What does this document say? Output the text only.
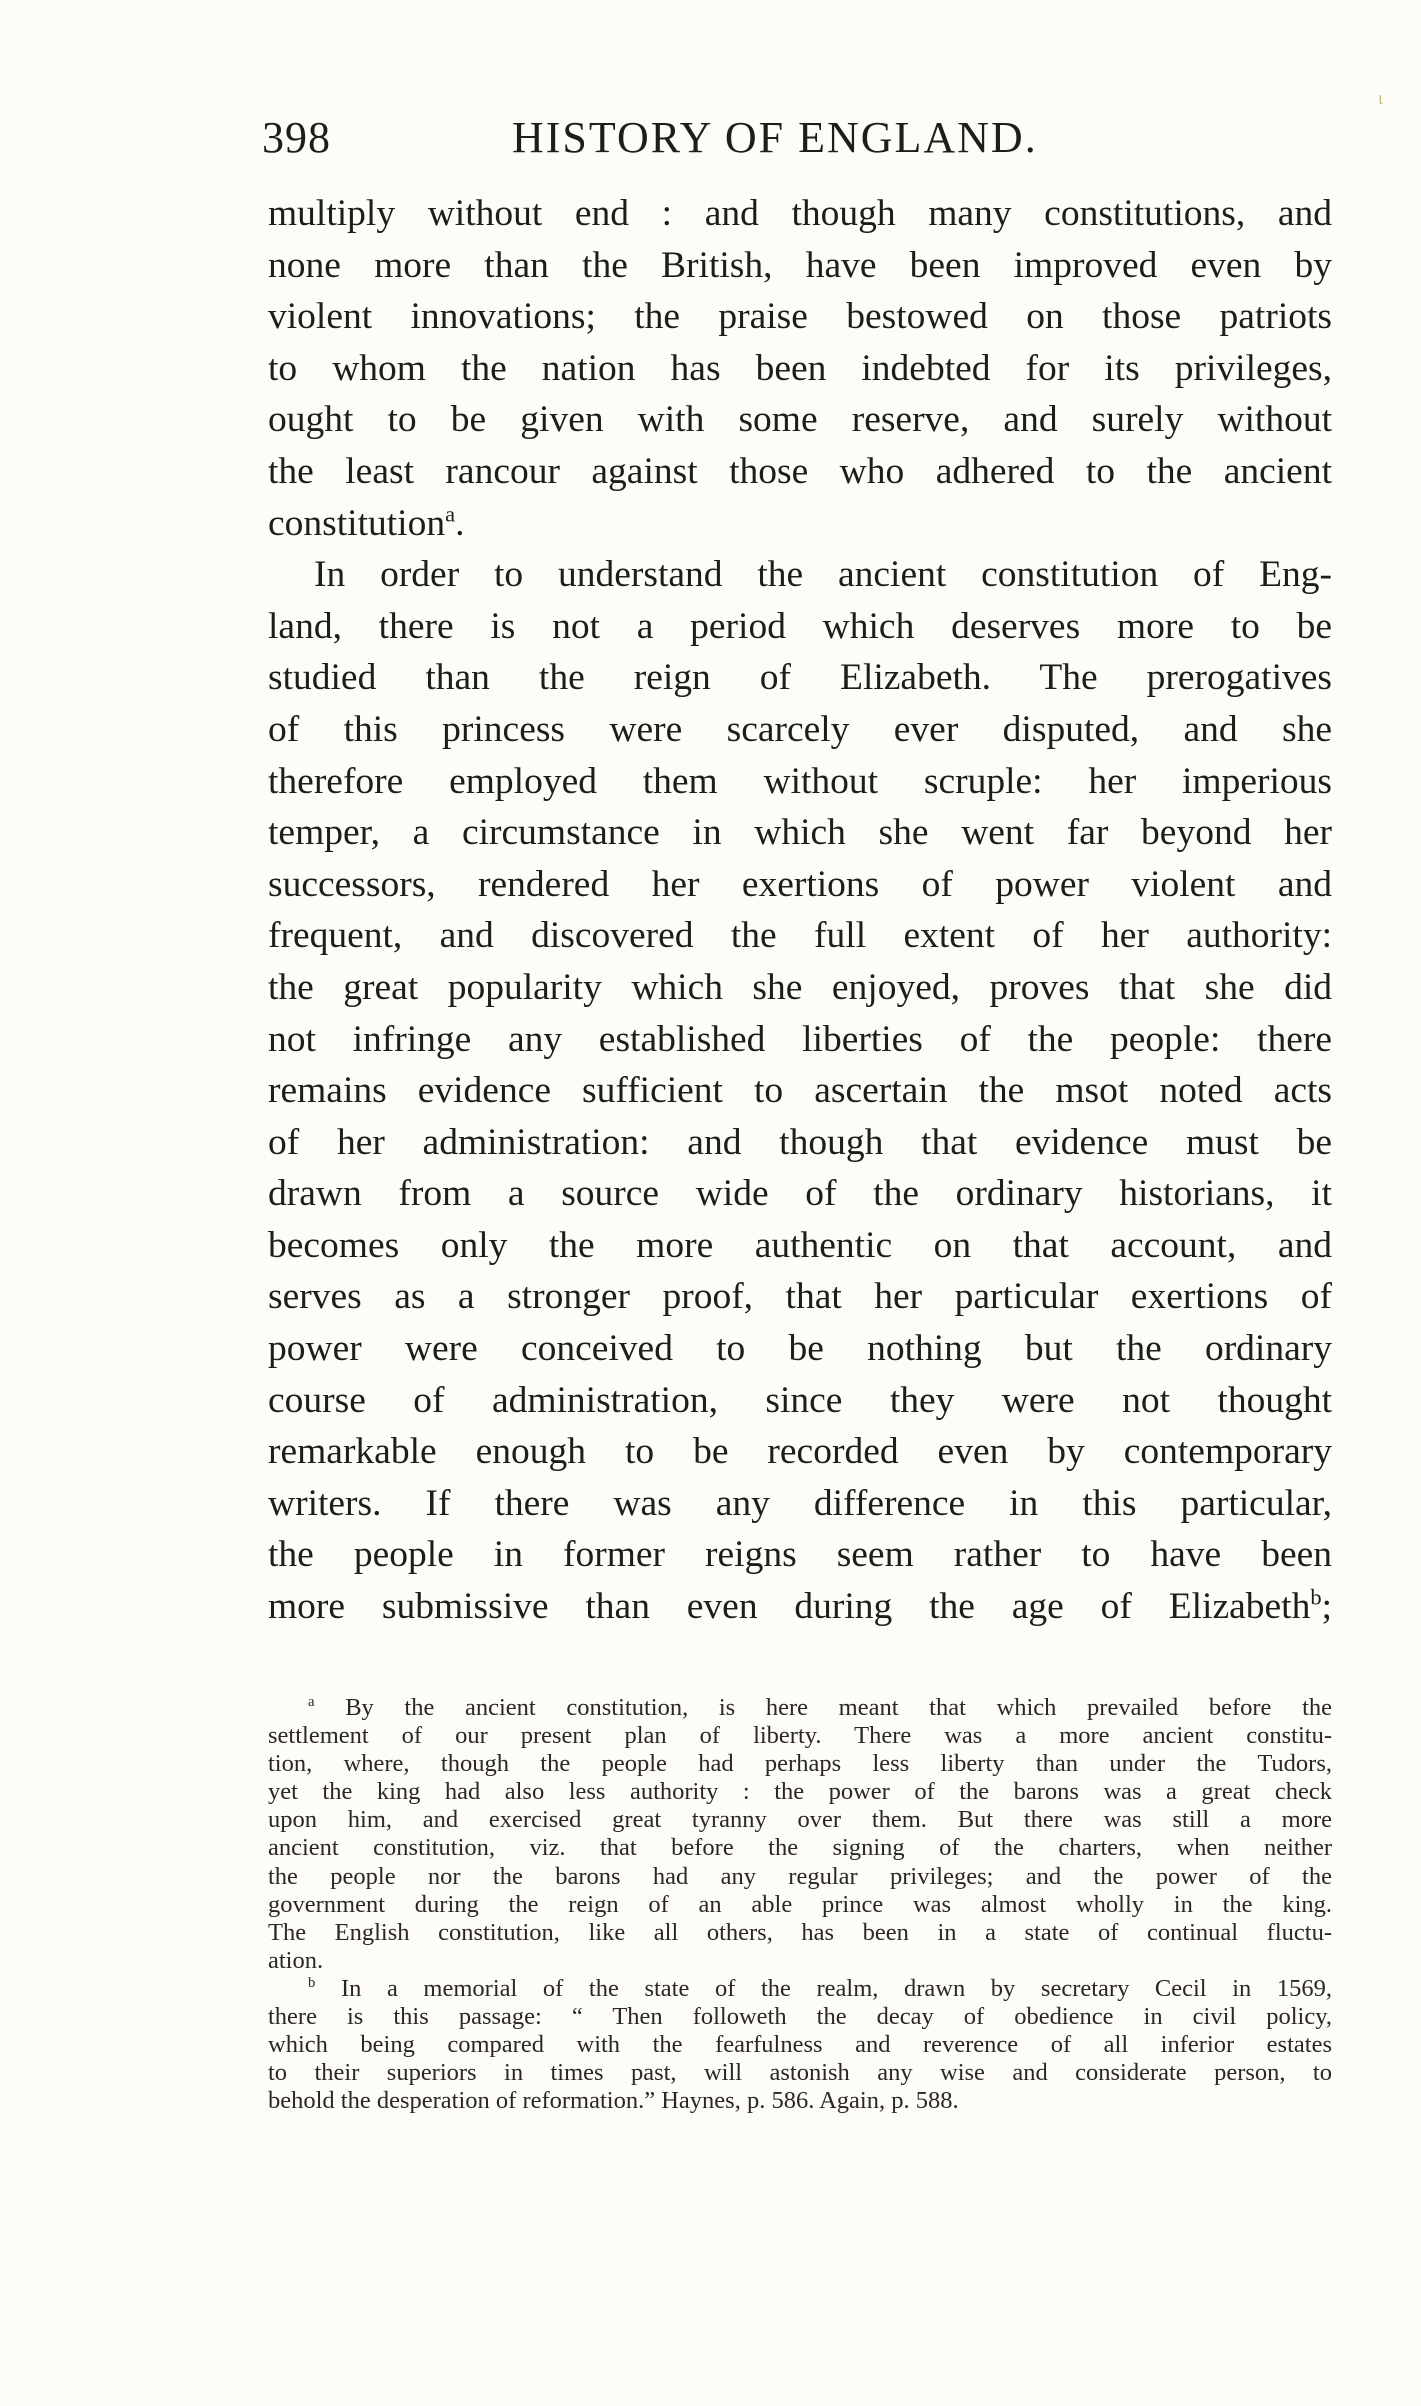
ι
398	HISTORY OF ENGLAND.
multiply without end : and though many constitutions, and
none more than the British, have been improved even by
violent innovations; the praise bestowed on those patriots
to whom the nation has been indebted for its privileges,
ought to be given with some reserve, and surely without
the least rancour against those who adhered to the ancient
constitution$^a$.
In order to understand the ancient constitution of Eng-
land, there is not a period which deserves more to be
studied than the reign of Elizabeth. The prerogatives
of this princess were scarcely ever disputed, and she
therefore employed them without scruple: her imperious
temper, a circumstance in which she went far beyond her
successors, rendered her exertions of power violent and
frequent, and discovered the full extent of her authority:
the great popularity which she enjoyed, proves that she did
not infringe any established liberties of the people: there
remains evidence sufficient to ascertain the msot noted acts
of her administration: and though that evidence must be
drawn from a source wide of the ordinary historians, it
becomes only the more authentic on that account, and
serves as a stronger proof, that her particular exertions of
power were conceived to be nothing but the ordinary
course of administration, since they were not thought
remarkable enough to be recorded even by contemporary
writers. If there was any difference in this particular,
the people in former reigns seem rather to have been
more submissive than even during the age of Elizabeth$^b$;
$^a$ By the ancient constitution, is here meant that which prevailed before the
settlement of our present plan of liberty. There was a more ancient constitu-
tion, where, though the people had perhaps less liberty than under the Tudors,
yet the king had also less authority : the power of the barons was a great check
upon him, and exercised great tyranny over them. But there was still a more
ancient constitution, viz. that before the signing of the charters, when neither
the people nor the barons had any regular privileges; and the power of the
government during the reign of an able prince was almost wholly in the king.
The English constitution, like all others, has been in a state of continual fluctu-
ation.
$^b$ In a memorial of the state of the realm, drawn by secretary Cecil in 1569,
there is this passage: “ Then followeth the decay of obedience in civil policy,
which being compared with the fearfulness and reverence of all inferior estates
to their superiors in times past, will astonish any wise and considerate person, to
behold the desperation of reformation.” Haynes, p. 586. Again, p. 588.
